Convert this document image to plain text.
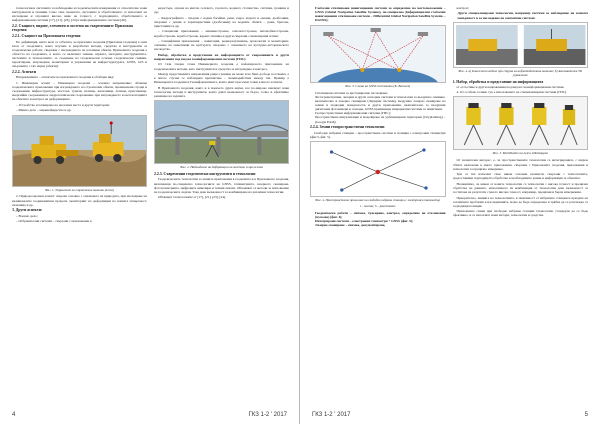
технологии и системите за наблюдение и геодезическите измервания са относително нови инструменти и техники. Само така сценатата, системите и обработването се използват на изследване и отразяват високо ниво на точност, с подходящите, обработването и информационни системи [17], [21], [23], [24] и информационните системи [40].

2.2. Същност, видове, елементи и системи на съвременните Приложна геодезия
2.2.1. Същност на Приложната геодезия

По дефиниция, както вече се отбеляза, че приложна геодезия (Приложна геодезия) е онзи клон от геодезията, която изучава и разработва методи, средства и инструменти за геодезически работи, свързани с изграждането на различни обекти. Приложната геодезия е областта на геодезията, в която се включват знания, науката, методите, инструментите, системите и технологиите, за създаване на геодезически основи, геодезически снимки, проектиране, изграждане, мониторинг и управление на инфраструктурата, GNSS, GIS и свързаните с тях науки (обекти).

2.2.2. Аспекти

Направленията – аспектите на приложната геодезия в обобщен вид:

1. Инженерен аспект – Инженерна геодезия – основно направление: обхваща геодезическите приложения при изграждането на строителни обекти, промишлени сгради и съоръжения, инфраструктура, мостове, тунели, пътища, железници, летища, пристанища, енергийни съоръжения и хидротехнически съоръжения, при изграждането и експлоатацията на обектите и контрол на деформациите.

– Устройство и планиране на населени места и други територии;

– Минно дело – маркшайдерство и др.

Фиг. 1. Управление на строителни машини (Leica)

2. Природоохранен аспект: свързан основно с опазването на природата, при изследване на възникналите геодинамични процеси, мониторинг на деформации на земната повърхност, свлачища и др.

3. Други аспекти:

– Военно дело;

– Отбранителни системи – свързани с приложение в

кадастъра, охрана на имоти, селското, горското, водното стопанство, системи, граници и др.;

– Хидрографията – свързан с водни басейни, реки, езера, морета и океани, дълбочини, свързани с данни и характеристики (дълбочини) на водните обекти – реки, брегове, пристанища и др.

– Специални приложения – машиностроене, самолетостроене, автомобилостроене, корабостроене, корабостроене, ядрена техника и други свързани с инженерния аспект.

– Специфични приложения – навигация, радиоразузнаване, археология и мониторинг, опазване на паметници на културата, свързано с опазването на културно-историческото наследство.

Набор, обработка и представяне на информацията от съвременните и други направления под вид на геоинформационни системи (ГИС).

От тази гледна точка Инженерната геодезия е най-широкото приложение на геодезическите методи, като инструменти и средства за изграждане и контрол.

Между представените направления рядко граница не може и не бива да бъде поставена, а в много случаи се наблюдава преплитане – взаимодействие между тях. Пример е Инженерната геодезия и Геоинформатиката, които имат пресечни точки в много аспекти.

В Приложната геодезия, както и в повечето други науки, все по-широко навлизат нови технологии, методи и инструменти, които дават възможност за бързо, точно и ефективно решаване на задачите.

Фиг. 2. Наблюдение на деформации на мостови съоръжения
2.2.3. Съвременни геодезически инструменти и технологии

Геодезическите технологии за нашите приложения в геодезията и в Приложната геодезия, включващи по-специално технологиите на GNSS, тахиметрията, лазерното сканиране, фотограметрията, цифровите нивелири и техния анализ. Обновяват се методи за изпълнение на геодезическите задачи. Това дава възможност за комбиниране на различни технологии.

Обхващат технологиите от [17], [21], [23], [24].

4	ГКЗ 1-2 ' 2017
• Глобални спътникови навигационни системи за определяне на местоположение – GNSS (Global Navigation Satellite Systems), по-специално Диференциални глобални навигационни спътникови системи – Differential Global Navigation Satellite Systems – DGNSS);
Фиг. 3. Схема на GNSS системата (K. Василев)
• Спътникови системи за дистанционно изследване;
• Фотограметрични, лазерни и други сензорни системи и технологии за въздушно снимане, включително и лазерно сканиране (Лидарни системи), въздушно лазерно сканиране на земни и подводни повърхности и други приложения, включително за въздушни дигитални фотокамери и сензори, GNSS приемници, инерциални системи за навигация;
• Геопространствени информационни системи (ГИС);
• Пространствена визуализация и моделиране на урбанизирани територии (Cityplanning) – (Google Earth);
2.2.4. Земни геопространствени технологии

Свободно избрани станции – пространствена система и позиция с електронни тахиметри (фиг.3, фиг. 5).

Фиг. 4. Пространствено прилагане на свободно избрани станции с електронен тахиметър
t – посока; S – разстояние
• Геодезически работи – снимка, трасиране, контрол, определяне на отклонения (пусково) (фиг. 4);
• Интегрирани системи – електронни тахиметри + GNSS (фиг. 5);
• Лазерно сканиране – снимка, документиране,

контрол;

• Други специализирани технологии, например системи за наблюдение на земната повърхност и за изследване на сеизмични системи.
Фиг. 4. а) Класическо водене при струва за асфалтобетонна машина; б) Автоматичен 3D управление
3. Набор, обработка и представяне на информацията

от отсъствие и други направления под вид на геоинформационни системи.

4. От особено голямо тук е използването на специализирани системи (ГИС).

Фиг. 5. MultiStation на Leica, Швейцария

От значителен интерес, е, че пространствените технологии са интегрираните, с широк обхват, включени в много приложения, свързани с Приложната геодезия, приложения и технологии за прецизно измерване.

Три от тях изпълват само някои основни елементи, свързани с технологиите, предоставящи подходящата обработка и необходимите данни и информация за обектите.

Независимо, че някои от новите технологии са технологии с висока точност и прецизна обработка на данните, използването на комбинация от технологии дава възможност за постигане на резултати с много висока точност, например, прецизни и бързи измервания.

Приоритетно, линията на технологиите, в зависимост от избраните станции и нуждите на различните проблеми в изследванията, може да бъде определена и трябва да се разглежда от подходящи позиции.

Приложните схеми при свободно избрани станции технологии, стандарти да се бъде ефективно, и се използват нови методи, технологии и средства.

ГКЗ 1-2 ' 2017	5
